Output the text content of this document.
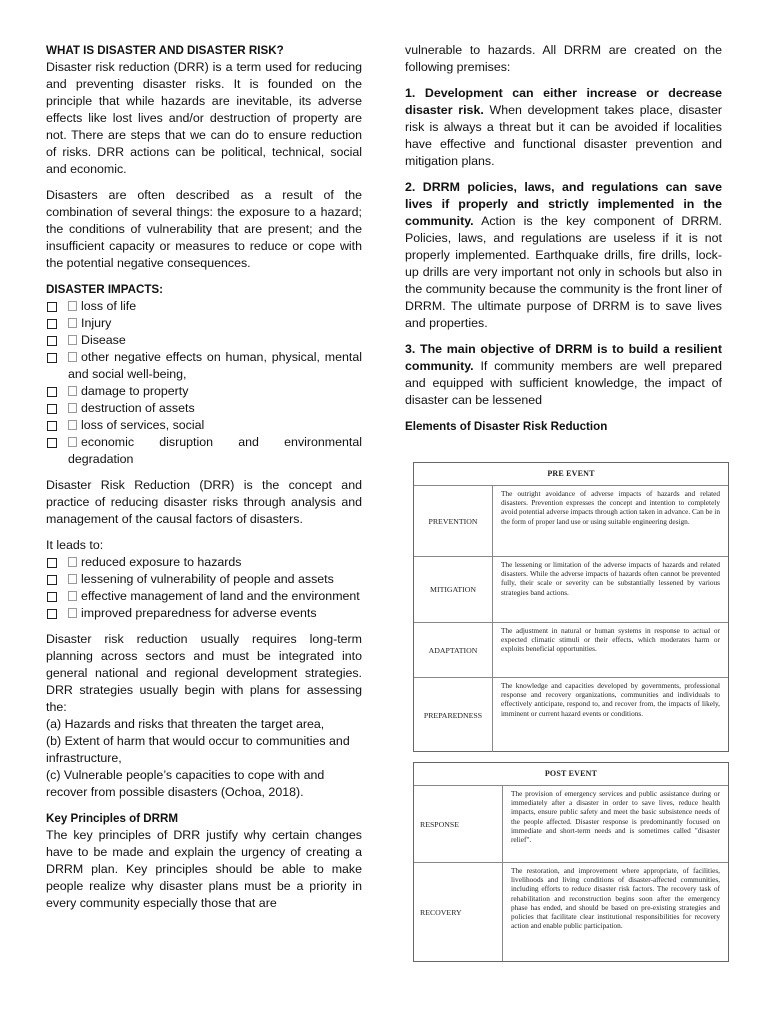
WHAT IS DISASTER AND DISASTER RISK?

Disaster risk reduction (DRR) is a term used for reducing and preventing disaster risks. It is founded on the principle that while hazards are inevitable, its adverse effects like lost lives and/or destruction of property are not. There are steps that we can do to ensure reduction of risks. DRR actions can be political, technical, social and economic.

Disasters are often described as a result of the combination of several things: the exposure to a hazard; the conditions of vulnerability that are present; and the insufficient capacity or measures to reduce or cope with the potential negative consequences.

DISASTER IMPACTS:

loss of life
Injury
Disease
other negative effects on human, physical, mental and social well-being,
damage to property
destruction of assets
loss of services, social
economic disruption and environmental degradation

Disaster Risk Reduction (DRR) is the concept and practice of reducing disaster risks through analysis and management of the causal factors of disasters.

It leads to:

reduced exposure to hazards
lessening of vulnerability of people and assets
effective management of land and the environment
improved preparedness for adverse events

Disaster risk reduction usually requires long-term planning across sectors and must be integrated into general national and regional development strategies. DRR strategies usually begin with plans for assessing the:

(a) Hazards and risks that threaten the target area,

(b) Extent of harm that would occur to communities and infrastructure,

(c) Vulnerable people’s capacities to cope with and recover from possible disasters (Ochoa, 2018).

Key Principles of DRRM

The key principles of DRR justify why certain changes have to be made and explain the urgency of creating a DRRM plan. Key principles should be able to make people realize why disaster plans must be a priority in every community especially those that are

vulnerable to hazards. All DRRM are created on the following premises:

1. Development can either increase or decrease disaster risk. When development takes place, disaster risk is always a threat but it can be avoided if localities have effective and functional disaster prevention and mitigation plans.

2. DRRM policies, laws, and regulations can save lives if properly and strictly implemented in the community. Action is the key component of DRRM. Policies, laws, and regulations are useless if it is not properly implemented. Earthquake drills, fire drills, lock-up drills are very important not only in schools but also in the community because the community is the front liner of DRRM. The ultimate purpose of DRRM is to save lives and properties.

3. The main objective of DRRM is to build a resilient community. If community members are well prepared and equipped with sufficient knowledge, the impact of disaster can be lessened

Elements of Disaster Risk Reduction

PRE EVENT
PREVENTION
The outright avoidance of adverse impacts of hazards and related disasters. Prevention expresses the concept and intention to completely avoid potential adverse impacts through action taken in advance. Can be in the form of proper land use or using suitable engineering design.
MITIGATION
The lessening or limitation of the adverse impacts of hazards and related disasters. While the adverse impacts of hazards often cannot be prevented fully, their scale or severity can be substantially lessened by various strategies band actions.
ADAPTATION
The adjustment in natural or human systems in response to actual or expected climatic stimuli or their effects, which moderates harm or exploits beneficial opportunities.
PREPAREDNESS
The knowledge and capacities developed by governments, professional response and recovery organizations, communities and individuals to effectively anticipate, respond to, and recover from, the impacts of likely, imminent or current hazard events or conditions.
POST EVENT
RESPONSE
The provision of emergency services and public assistance during or immediately after a disaster in order to save lives, reduce health impacts, ensure public safety and meet the basic subsistence needs of the people affected. Disaster response is predominantly focused on immediate and short-term needs and is sometimes called "disaster relief".
RECOVERY
The restoration, and improvement where appropriate, of facilities, livelihoods and living conditions of disaster-affected communities, including efforts to reduce disaster risk factors. The recovery task of rehabilitation and reconstruction begins soon after the emergency phase has ended, and should be based on pre-existing strategies and policies that facilitate clear institutional responsibilities for recovery action and enable public participation.
